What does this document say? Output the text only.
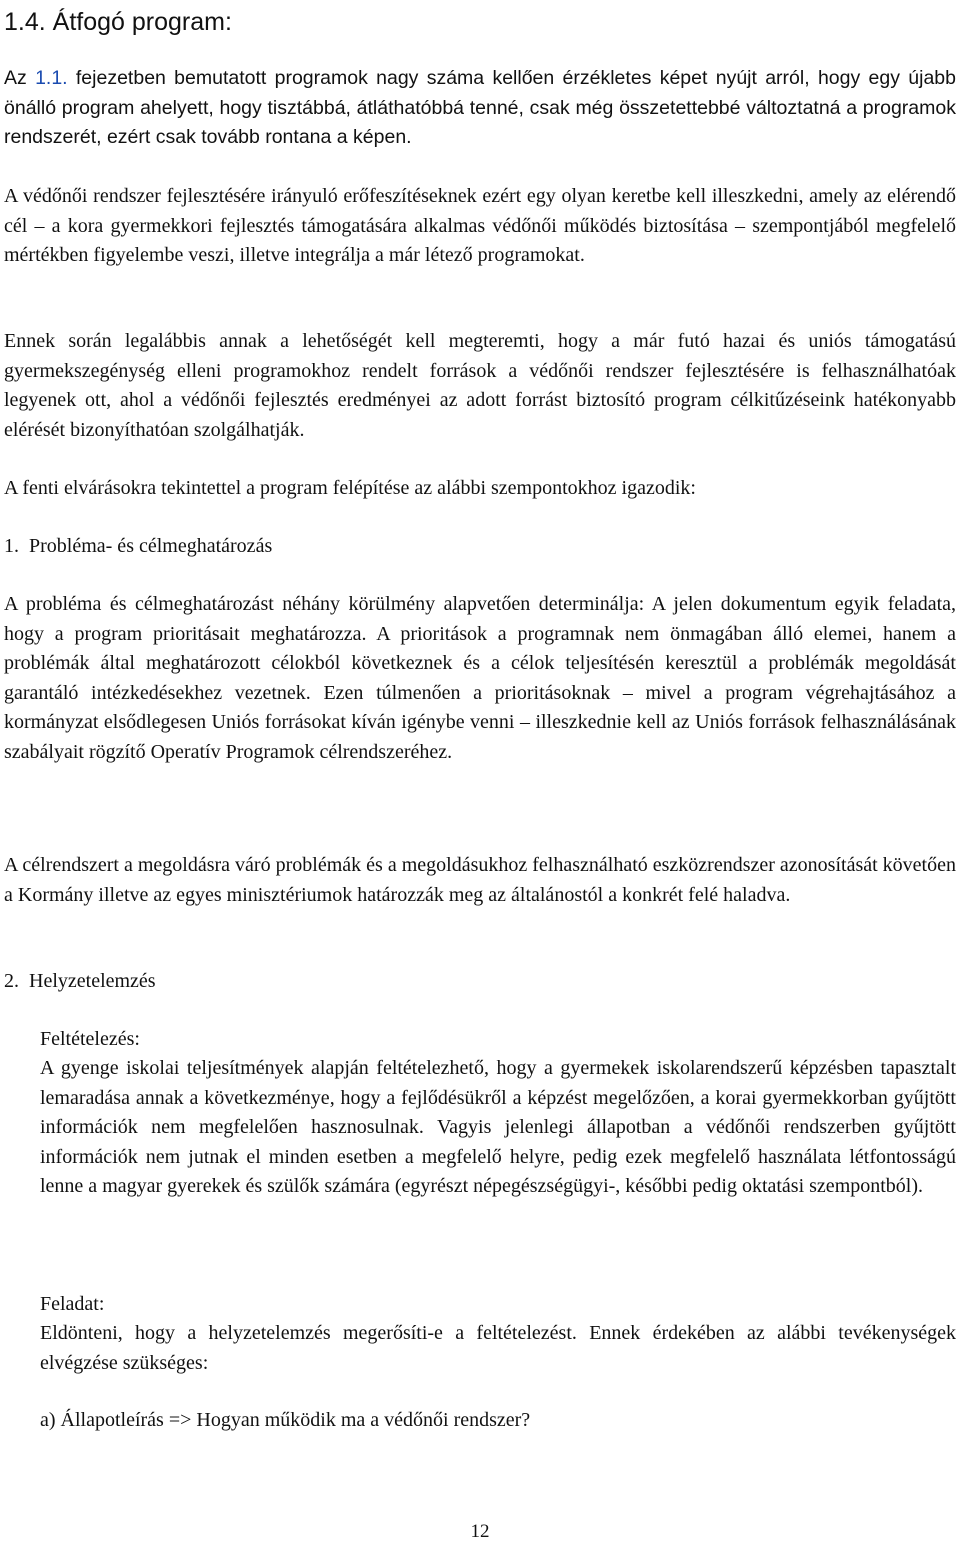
1.4. Átfogó program:

Az 1.1. fejezetben bemutatott programok nagy száma kellően érzékletes képet nyújt arról, hogy egy újabb önálló program ahelyett, hogy tisztábbá, átláthatóbbá tenné, csak még összetettebbé változtatná a programok rendszerét, ezért csak tovább rontana a képen.

A védőnői rendszer fejlesztésére irányuló erőfeszítéseknek ezért egy olyan keretbe kell illeszkedni, amely az elérendő cél – a kora gyermekkori fejlesztés támogatására alkalmas védőnői működés biztosítása – szempontjából megfelelő mértékben figyelembe veszi, illetve integrálja a már létező programokat.

Ennek során legalábbis annak a lehetőségét kell megteremti, hogy a már futó hazai és uniós támogatású gyermekszegénység elleni programokhoz rendelt források a védőnői rendszer fejlesztésére is felhasználhatóak legyenek ott, ahol a védőnői fejlesztés eredményei az adott forrást biztosító program célkitűzéseink hatékonyabb elérését bizonyíthatóan szolgálhatják.

A fenti elvárásokra tekintettel a program felépítése az alábbi szempontokhoz igazodik:

1.  Probléma- és célmeghatározás

A probléma és célmeghatározást néhány körülmény alapvetően determinálja: A jelen dokumentum egyik feladata, hogy a program prioritásait meghatározza. A prioritások a programnak nem önmagában álló elemei, hanem a problémák által meghatározott célokból következnek és a célok teljesítésén keresztül a problémák megoldását garantáló intézkedésekhez vezetnek. Ezen túlmenően a prioritásoknak – mivel a program végrehajtásához a kormányzat elsődlegesen Uniós forrásokat kíván igénybe venni – illeszkednie kell az Uniós források felhasználásának szabályait rögzítő Operatív Programok célrendszeréhez.

A célrendszert a megoldásra váró problémák és a megoldásukhoz felhasználható eszközrendszer azonosítását követően a Kormány illetve az egyes minisztériumok határozzák meg az általánostól a konkrét felé haladva.

2.  Helyzetelemzés

Feltételezés:

A gyenge iskolai teljesítmények alapján feltételezhető, hogy a gyermekek iskolarendszerű képzésben tapasztalt lemaradása annak a következménye, hogy a fejlődésükről a képzést megelőzően, a korai gyermekkorban gyűjtött információk nem megfelelően hasznosulnak. Vagyis jelenlegi állapotban a védőnői rendszerben gyűjtött információk nem jutnak el minden esetben a megfelelő helyre, pedig ezek megfelelő használata létfontosságú lenne a magyar gyerekek és szülők számára (egyrészt népegészségügyi-, későbbi pedig oktatási szempontból).

Feladat:

Eldönteni, hogy a helyzetelemzés megerősíti-e a feltételezést. Ennek érdekében az alábbi tevékenységek elvégzése szükséges:

a) Állapotleírás => Hogyan működik ma a védőnői rendszer?

12
